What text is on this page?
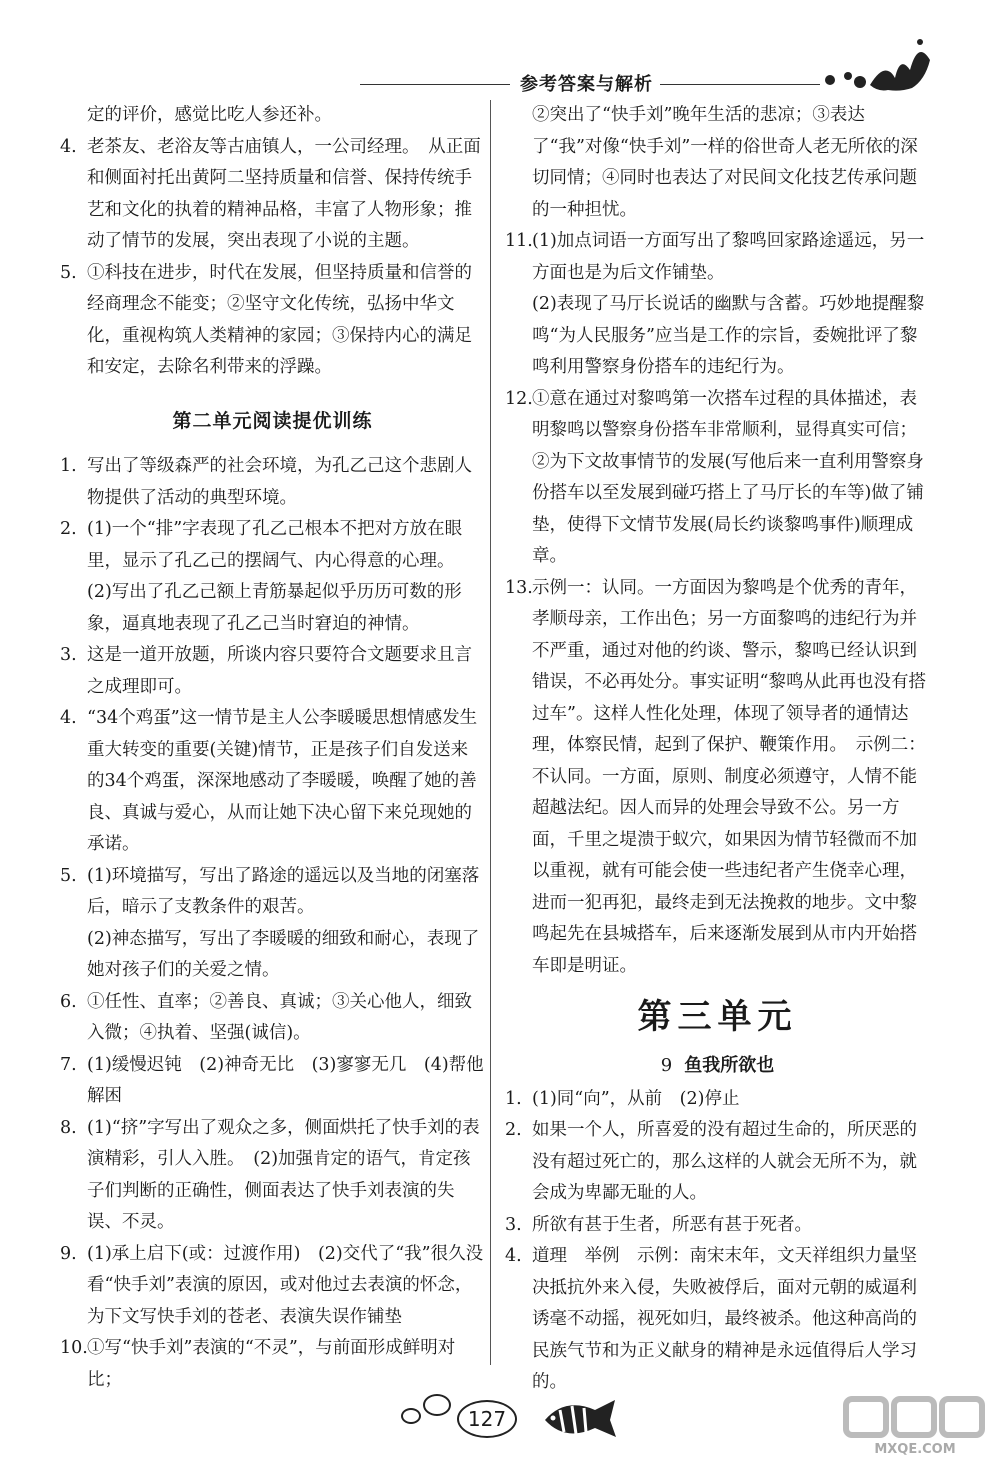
参考答案与解析

定的评价，感觉比吃人参还补。

4. 老茶友、老浴友等古庙镇人，一公司经理。　从正面和侧面衬托出黄阿二坚持质量和信誉、保持传统手艺和文化的执着的精神品格，丰富了人物形象；推动了情节的发展，突出表现了小说的主题。

5. ①科技在进步，时代在发展，但坚持质量和信誉的经商理念不能变；②坚守文化传统，弘扬中华文化，重视构筑人类精神的家园；③保持内心的满足和安定，去除名利带来的浮躁。

第二单元阅读提优训练
1. 写出了等级森严的社会环境，为孔乙己这个悲剧人物提供了活动的典型环境。

2. (1)一个“排”字表现了孔乙己根本不把对方放在眼里，显示了孔乙己的摆阔气、内心得意的心理。

(2)写出了孔乙己额上青筋暴起似乎历历可数的形象，逼真地表现了孔乙己当时窘迫的神情。

3. 这是一道开放题，所谈内容只要符合文题要求且言之成理即可。

4. “34个鸡蛋”这一情节是主人公李暖暖思想情感发生重大转变的重要(关键)情节，正是孩子们自发送来的34个鸡蛋，深深地感动了李暖暖，唤醒了她的善良、真诚与爱心，从而让她下决心留下来兑现她的承诺。

5. (1)环境描写，写出了路途的遥远以及当地的闭塞落后，暗示了支教条件的艰苦。

(2)神态描写，写出了李暖暖的细致和耐心，表现了她对孩子们的关爱之情。

6. ①任性、直率；②善良、真诚；③关心他人，细致入微；④执着、坚强(诚信)。

7. (1)缓慢迟钝　(2)神奇无比　(3)寥寥无几　(4)帮他解困

8. (1)“挤”字写出了观众之多，侧面烘托了快手刘的表演精彩，引人入胜。　(2)加强肯定的语气，肯定孩子们判断的正确性，侧面表达了快手刘表演的失误、不灵。

9. (1)承上启下(或：过渡作用)　(2)交代了“我”很久没看“快手刘”表演的原因，或对他过去表演的怀念，为下文写快手刘的苍老、表演失误作铺垫

10. ①写“快手刘”表演的“不灵”，与前面形成鲜明对比；

②突出了“快手刘”晚年生活的悲凉；③表达了“我”对像“快手刘”一样的俗世奇人老无所依的深切同情；④同时也表达了对民间文化技艺传承问题的一种担忧。

11. (1)加点词语一方面写出了黎鸣回家路途遥远，另一方面也是为后文作铺垫。

(2)表现了马厅长说话的幽默与含蓄。巧妙地提醒黎鸣“为人民服务”应当是工作的宗旨，委婉批评了黎鸣利用警察身份搭车的违纪行为。

12. ①意在通过对黎鸣第一次搭车过程的具体描述，表明黎鸣以警察身份搭车非常顺利，显得真实可信；②为下文故事情节的发展(写他后来一直利用警察身份搭车以至发展到碰巧搭上了马厅长的车等)做了铺垫，使得下文情节发展(局长约谈黎鸣事件)顺理成章。

13. 示例一：认同。一方面因为黎鸣是个优秀的青年，孝顺母亲，工作出色；另一方面黎鸣的违纪行为并不严重，通过对他的约谈、警示，黎鸣已经认识到错误，不必再处分。事实证明“黎鸣从此再也没有搭过车”。这样人性化处理，体现了领导者的通情达理，体察民情，起到了保护、鞭策作用。　示例二：不认同。一方面，原则、制度必须遵守，人情不能超越法纪。因人而异的处理会导致不公。另一方面，千里之堤溃于蚁穴，如果因为情节轻微而不加以重视，就有可能会使一些违纪者产生侥幸心理，进而一犯再犯，最终走到无法挽救的地步。文中黎鸣起先在县城搭车，后来逐渐发展到从市内开始搭车即是明证。

第三单元
9 鱼我所欲也
1. (1)同“向”，从前　(2)停止

2. 如果一个人，所喜爱的没有超过生命的，所厌恶的没有超过死亡的，那么这样的人就会无所不为，就会成为卑鄙无耻的人。

3. 所欲有甚于生者，所恶有甚于死者。

4. 道理　举例　示例：南宋末年，文天祥组织力量坚决抵抗外来入侵，失败被俘后，面对元朝的威逼利诱毫不动摇，视死如归，最终被杀。他这种高尚的民族气节和为正义献身的精神是永远值得后人学习的。

127
MXQE.COM
